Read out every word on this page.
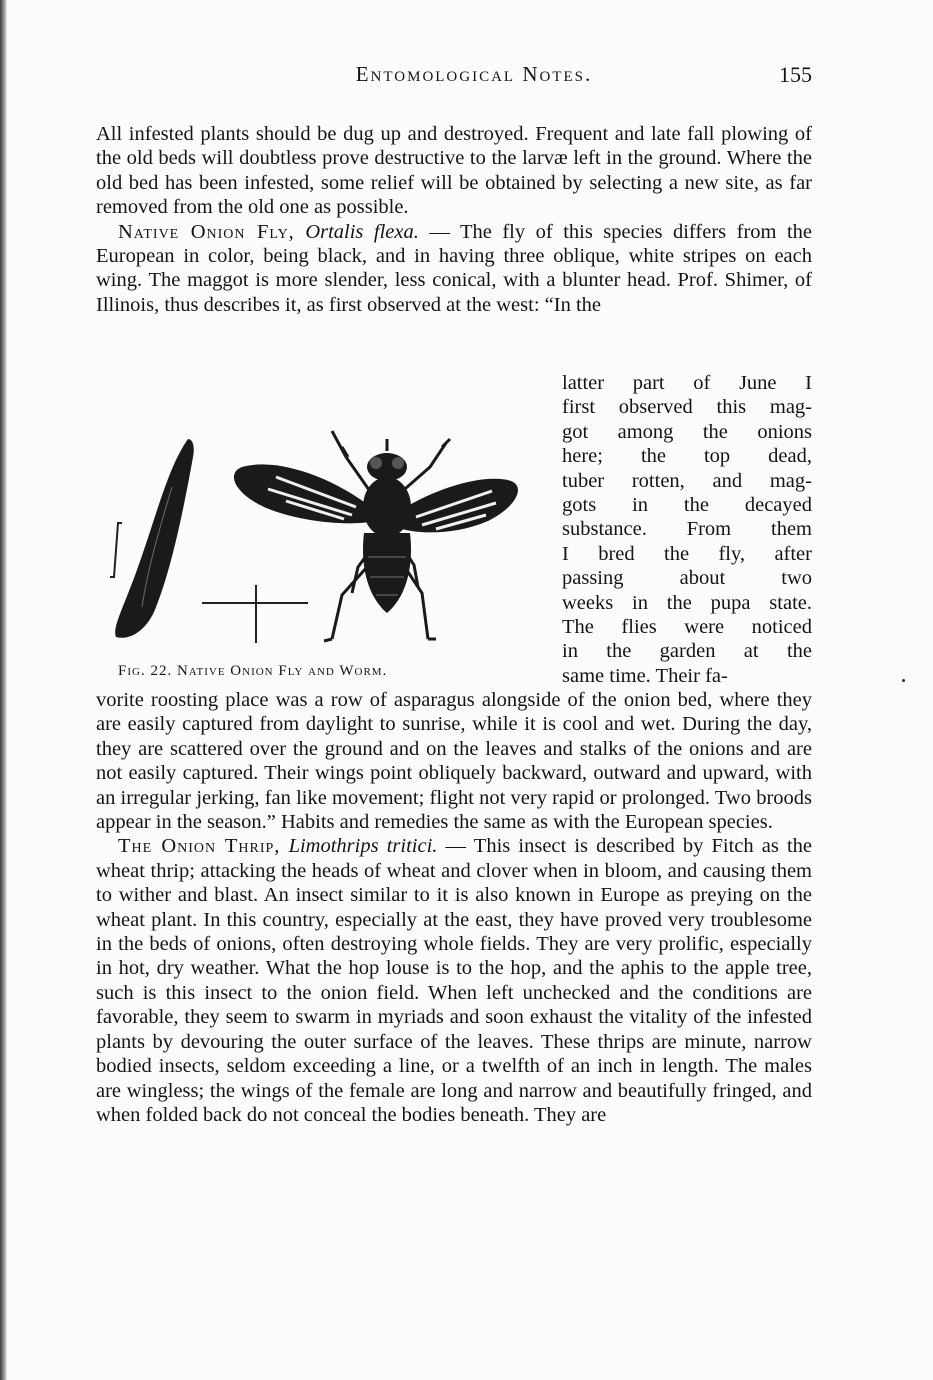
Entomological Notes.	155

All infested plants should be dug up and destroyed. Frequent and late fall plowing of the old beds will doubtless prove destructive to the larvæ left in the ground. Where the old bed has been infested, some relief will be obtained by selecting a new site, as far removed from the old one as possible.

Native Onion Fly, Ortalis flexa. — The fly of this species differs from the European in color, being black, and in having three oblique, white stripes on each wing. The maggot is more slender, less conical, with a blunter head. Prof. Shimer, of Illinois, thus describes it, as first observed at the west: “In the

Fig. 22. Native Onion Fly and Worm.
latter part of June I
first observed this mag-
got among the onions
here; the top dead,
tuber rotten, and mag-
gots in the decayed
substance. From them
I bred the fly, after
passing about two
weeks in the pupa state.
The flies were noticed
in the garden at the
same time. Their fa-

vorite roosting place was a row of asparagus alongside of the onion bed, where they are easily captured from daylight to sunrise, while it is cool and wet. During the day, they are scattered over the ground and on the leaves and stalks of the onions and are not easily captured. Their wings point obliquely backward, outward and upward, with an irregular jerking, fan like movement; flight not very rapid or prolonged. Two broods appear in the season.” Habits and remedies the same as with the European species.

The Onion Thrip, Limothrips tritici. — This insect is described by Fitch as the wheat thrip; attacking the heads of wheat and clover when in bloom, and causing them to wither and blast. An insect similar to it is also known in Europe as preying on the wheat plant. In this country, especially at the east, they have proved very troublesome in the beds of onions, often destroying whole fields. They are very prolific, especially in hot, dry weather. What the hop louse is to the hop, and the aphis to the apple tree, such is this insect to the onion field. When left unchecked and the conditions are favorable, they seem to swarm in myriads and soon exhaust the vitality of the infested plants by devouring the outer surface of the leaves. These thrips are minute, narrow bodied insects, seldom exceeding a line, or a twelfth of an inch in length. The males are wingless; the wings of the female are long and narrow and beautifully fringed, and when folded back do not conceal the bodies beneath. They are
